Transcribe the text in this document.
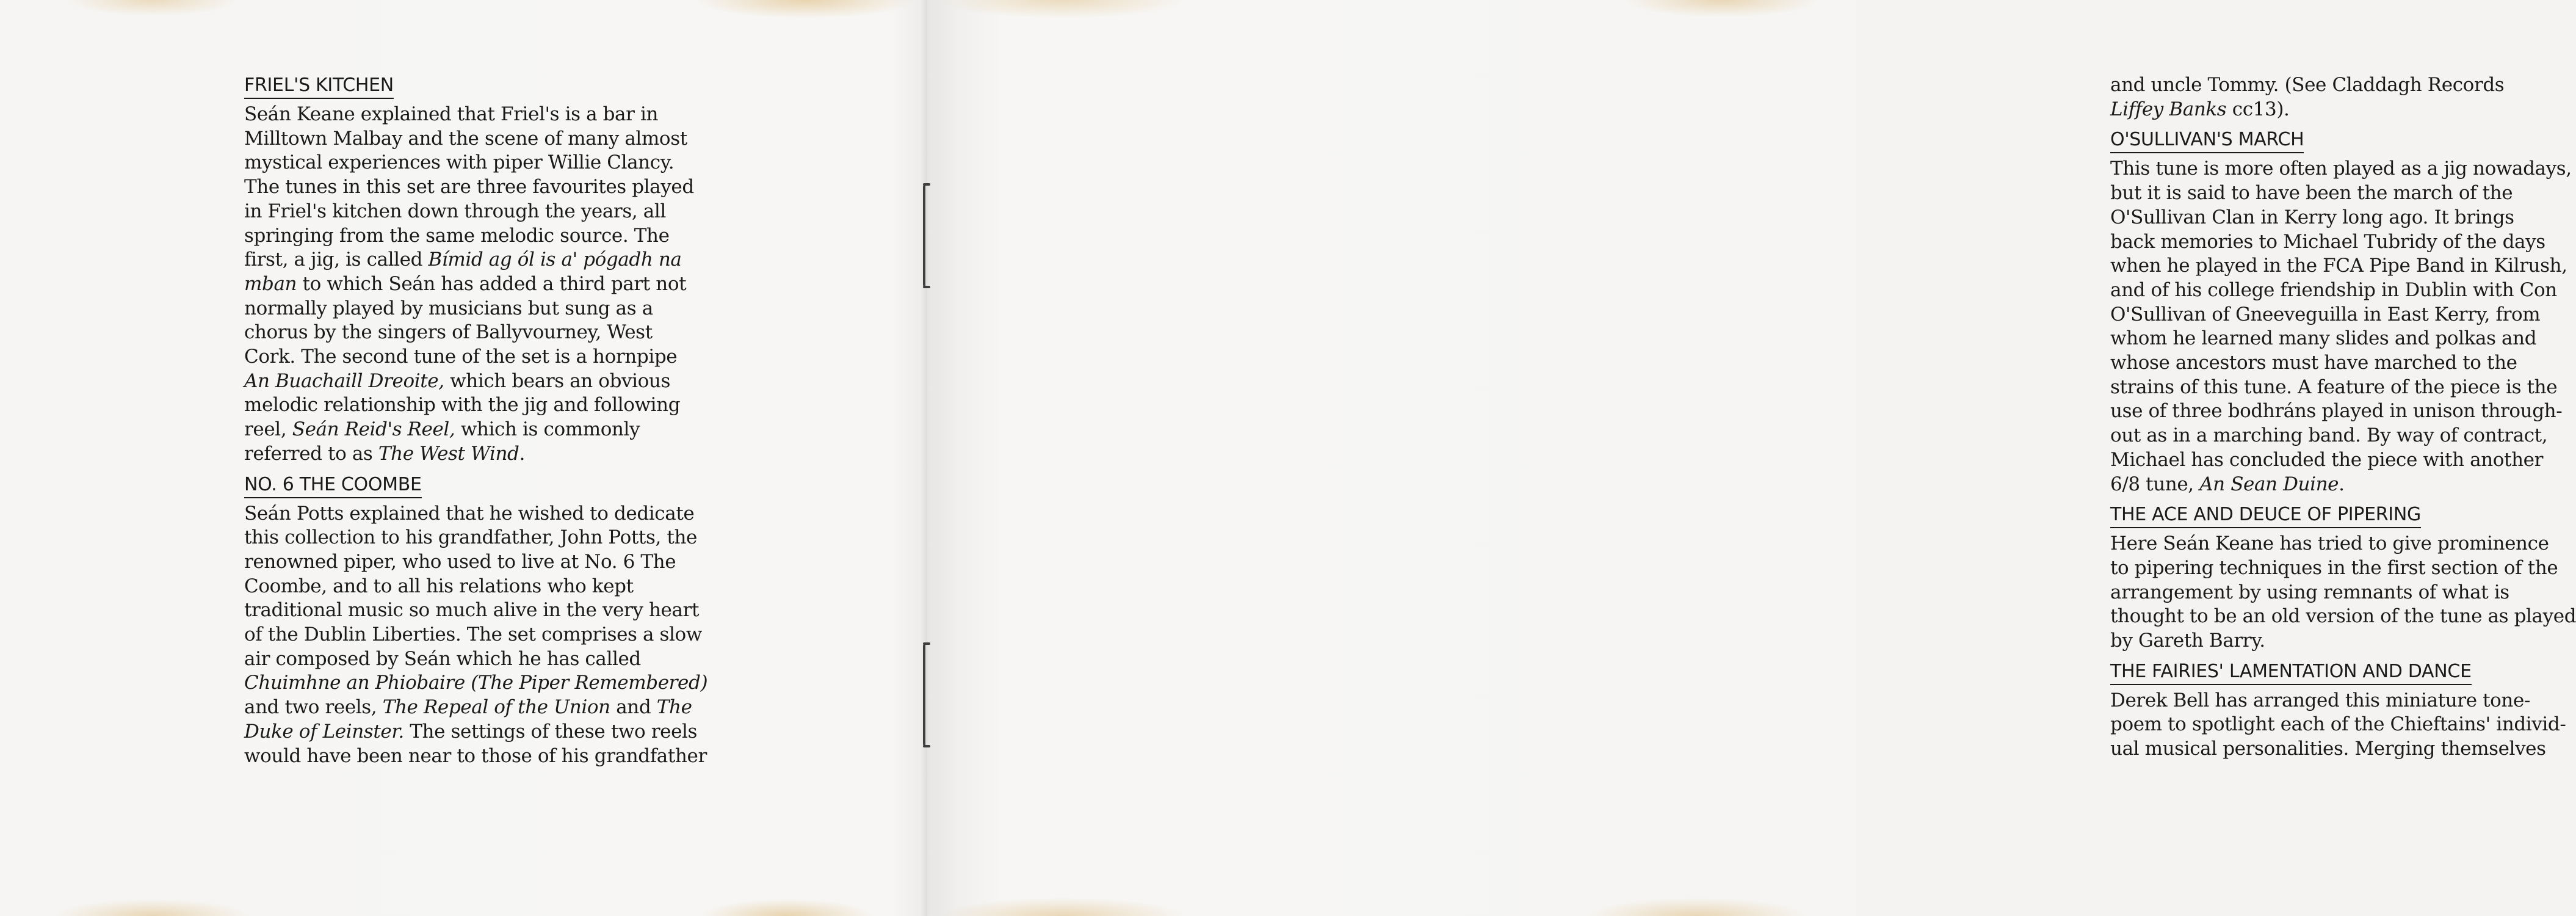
FRIEL'S KITCHEN
Seán Keane explained that Friel's is a bar in
Milltown Malbay and the scene of many almost
mystical experiences with piper Willie Clancy.
The tunes in this set are three favourites played
in Friel's kitchen down through the years, all
springing from the same melodic source. The
first, a jig, is called Bímid ag ól is a' pógadh na
mban to which Seán has added a third part not
normally played by musicians but sung as a
chorus by the singers of Ballyvourney, West
Cork. The second tune of the set is a hornpipe
An Buachaill Dreoite, which bears an obvious
melodic relationship with the jig and following
reel, Seán Reid's Reel, which is commonly
referred to as The West Wind.
NO. 6 THE COOMBE
Seán Potts explained that he wished to dedicate
this collection to his grandfather, John Potts, the
renowned piper, who used to live at No. 6 The
Coombe, and to all his relations who kept
traditional music so much alive in the very heart
of the Dublin Liberties. The set comprises a slow
air composed by Seán which he has called
Chuimhne an Phiobaire (The Piper Remembered)
and two reels, The Repeal of the Union and The
Duke of Leinster. The settings of these two reels
would have been near to those of his grandfather
and uncle Tommy. (See Claddagh Records
Liffey Banks cc13).
O'SULLIVAN'S MARCH
This tune is more often played as a jig nowadays,
but it is said to have been the march of the
O'Sullivan Clan in Kerry long ago. It brings
back memories to Michael Tubridy of the days
when he played in the FCA Pipe Band in Kilrush,
and of his college friendship in Dublin with Con
O'Sullivan of Gneeveguilla in East Kerry, from
whom he learned many slides and polkas and
whose ancestors must have marched to the
strains of this tune. A feature of the piece is the
use of three bodhráns played in unison through-
out as in a marching band. By way of contract,
Michael has concluded the piece with another
6/8 tune, An Sean Duine.
THE ACE AND DEUCE OF PIPERING
Here Seán Keane has tried to give prominence
to pipering techniques in the first section of the
arrangement by using remnants of what is
thought to be an old version of the tune as played
by Gareth Barry.
THE FAIRIES' LAMENTATION AND DANCE
Derek Bell has arranged this miniature tone-
poem to spotlight each of the Chieftains' individ-
ual musical personalities. Merging themselves
